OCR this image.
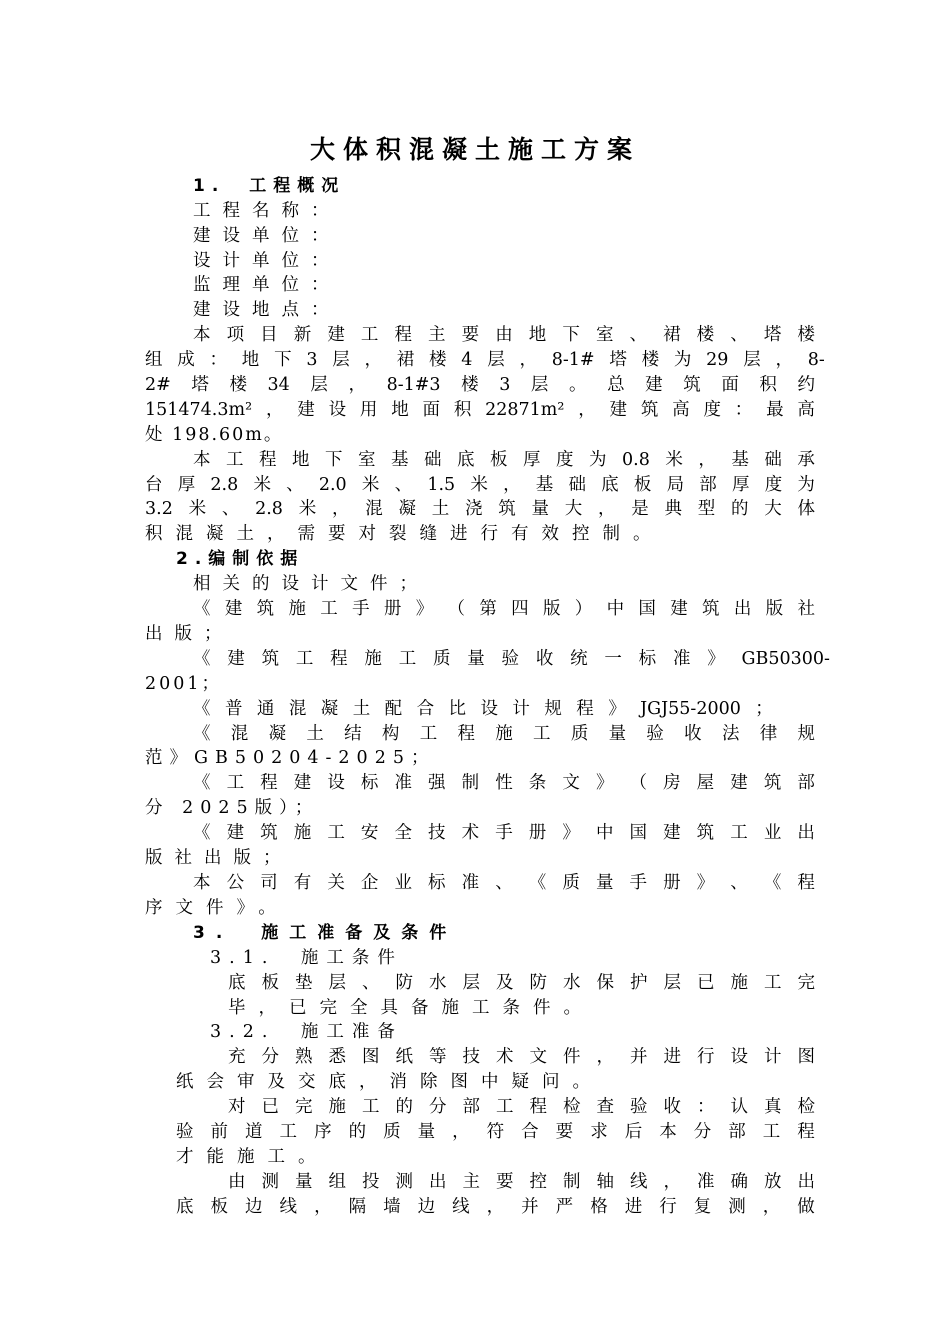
大体积混凝土施工方案
1.　工程概况
工程名称：
建设单位：
设计单位：
监理单位：
建设地点：
本 项 目 新 建 工 程 主 要 由 地 下 室 、 裙 楼 、 塔 楼
组 成 ： 地 下 3 层 ， 裙 楼 4 层 ， 8-1# 塔 楼 为 29 层 ， 8-
2# 塔 楼 34 层 ， 8-1#3 楼 3 层 。 总 建 筑 面 积 约
151474.3m² ， 建 设 用 地 面 积 22871m² ， 建 筑 高 度 ： 最 高
处 198.60m。
本 工 程 地 下 室 基 础 底 板 厚 度 为 0.8 米 ， 基 础 承
台 厚 2.8 米 、 2.0 米 、 1.5 米 ， 基 础 底 板 局 部 厚 度 为
3.2 米 、 2.8 米 ， 混 凝 土 浇 筑 量 大 ， 是 典 型 的 大 体
积混凝土，需要对裂缝进行有效控制。
2.编制依据
相关的设计文件；
《 建 筑 施 工 手 册 》 （ 第 四 版 ） 中 国 建 筑 出 版 社
出版；
《 建 筑 工 程 施 工 质 量 验 收 统 一 标 准 》 GB50300-
2001；
《 普 通 混 凝 土 配 合 比 设 计 规 程 》 JGJ55-2000 ；
《 混 凝 土 结 构 工 程 施 工 质 量 验 收 法 律 规
范》GB50204-2025；
《 工 程 建 设 标 准 强 制 性 条 文 》 （ 房 屋 建 筑 部
分 2025版）；
《 建 筑 施 工 安 全 技 术 手 册 》 中 国 建 筑 工 业 出
版社出版；
本 公 司 有 关 企 业 标 准 、 《 质 量 手 册 》 、 《 程
序文件》。
3.　施工准备及条件
3.1.　施工条件
底 板 垫 层 、 防 水 层 及 防 水 保 护 层 已 施 工 完
毕，已完全具备施工条件。
3.2.　施工准备
充 分 熟 悉 图 纸 等 技 术 文 件 ， 并 进 行 设 计 图
纸会审及交底，消除图中疑问。
对 已 完 施 工 的 分 部 工 程 检 查 验 收 ： 认 真 检
验 前 道 工 序 的 质 量 ， 符 合 要 求 后 本 分 部 工 程
才能施工。
由 测 量 组 投 测 出 主 要 控 制 轴 线 ， 准 确 放 出
底 板 边 线 ， 隔 墙 边 线 ， 并 严 格 进 行 复 测 ， 做
